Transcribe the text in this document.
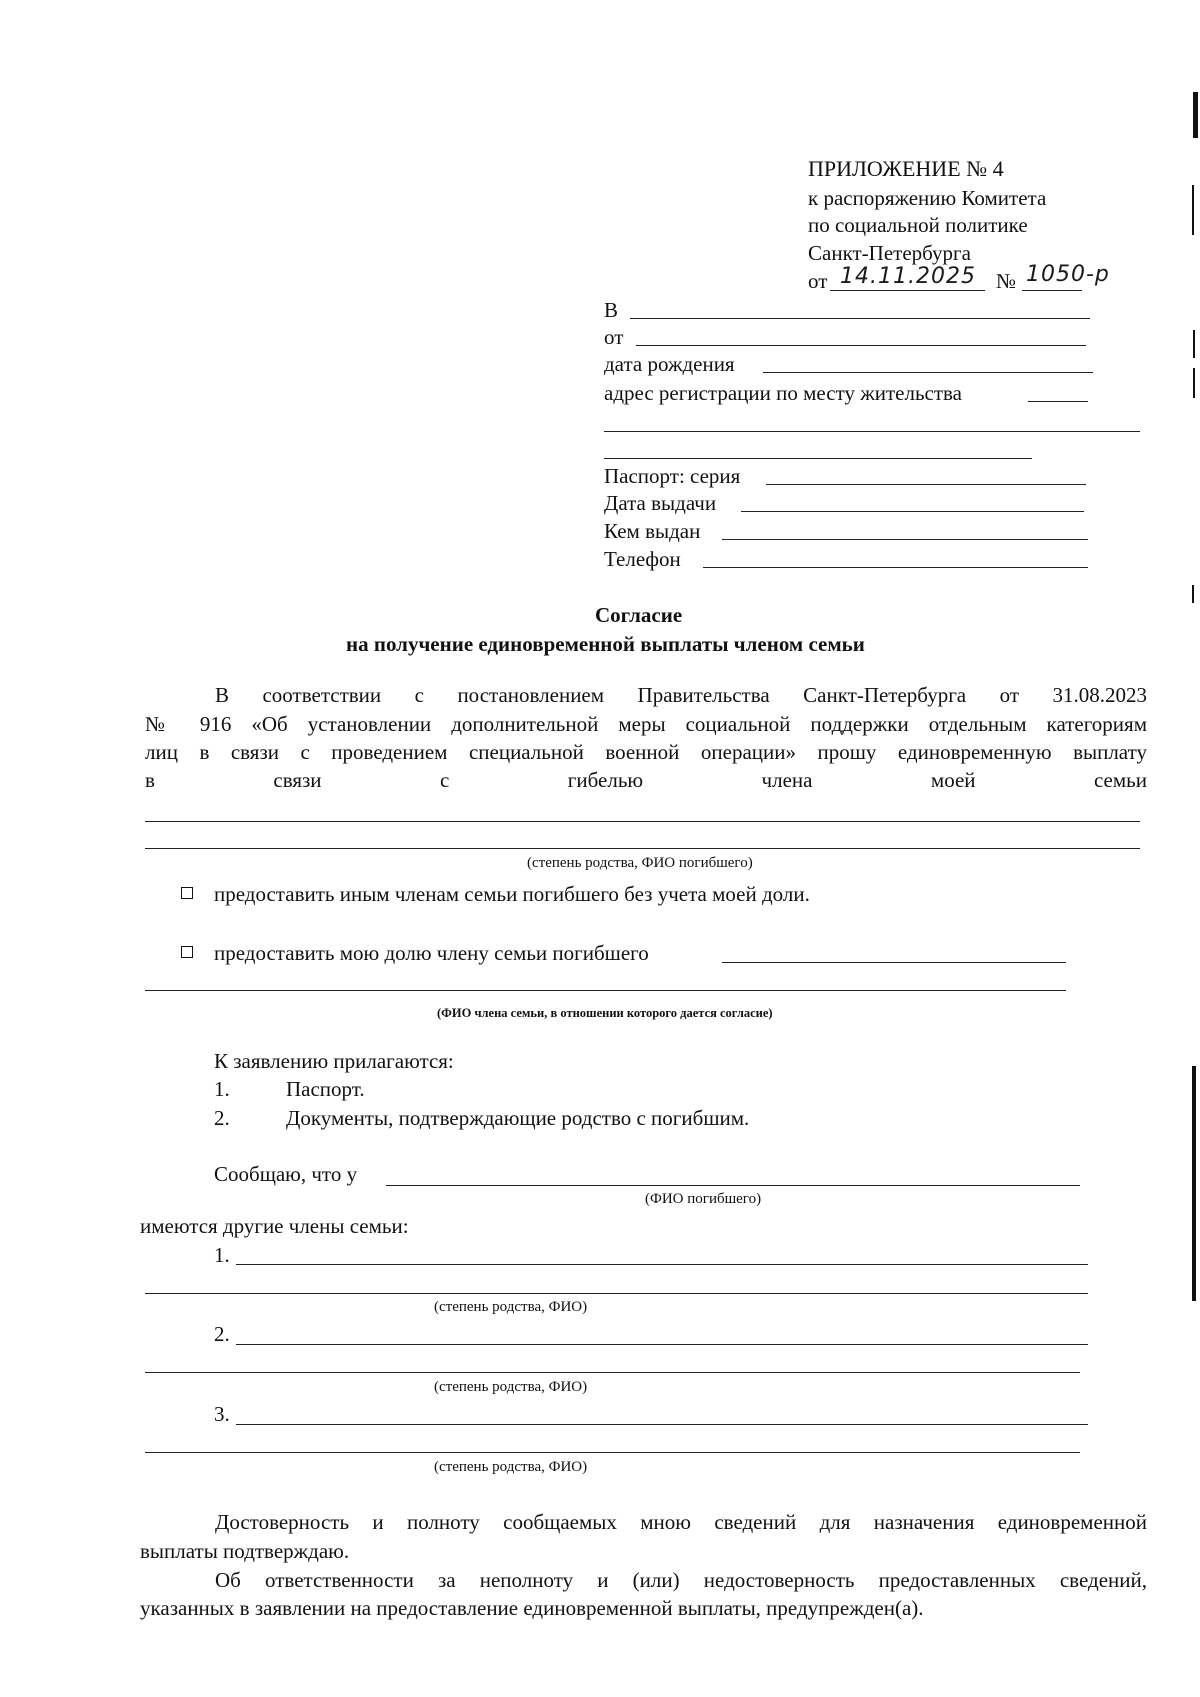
ПРИЛОЖЕНИЕ № 4
к распоряжению Комитета
по социальной политике
Санкт-Петербурга
от 14.11.2025 № 1050-р
В
от
дата рождения
адрес регистрации по месту жительства
Паспорт: серия
Дата выдачи
Кем выдан
Телефон
Согласие
на получение единовременной выплаты членом семьи
В соответствии с постановлением Правительства Санкт-Петербурга от 31.08.2023
№ 916 «Об установлении дополнительной меры социальной поддержки отдельным категориям
лиц в связи с проведением специальной военной операции» прошу единовременную выплату
в	связи	с	гибелью	члена	моей	семьи
(степень родства, ФИО погибшего)
предоставить иным членам семьи погибшего без учета моей доли.
предоставить мою долю члену семьи погибшего
(ФИО члена семьи, в отношении которого дается согласие)
К заявлению прилагаются:
1.	Паспорт.
2.	Документы, подтверждающие родство с погибшим.
Сообщаю, что у
(ФИО погибшего)
имеются другие члены семьи:
1.
(степень родства, ФИО)
2.
(степень родства, ФИО)
3.
(степень родства, ФИО)
Достоверность и полноту сообщаемых мною сведений для назначения единовременной
выплаты подтверждаю.
Об ответственности за неполноту и (или) недостоверность предоставленных сведений,
указанных в заявлении на предоставление единовременной выплаты, предупрежден(а).
